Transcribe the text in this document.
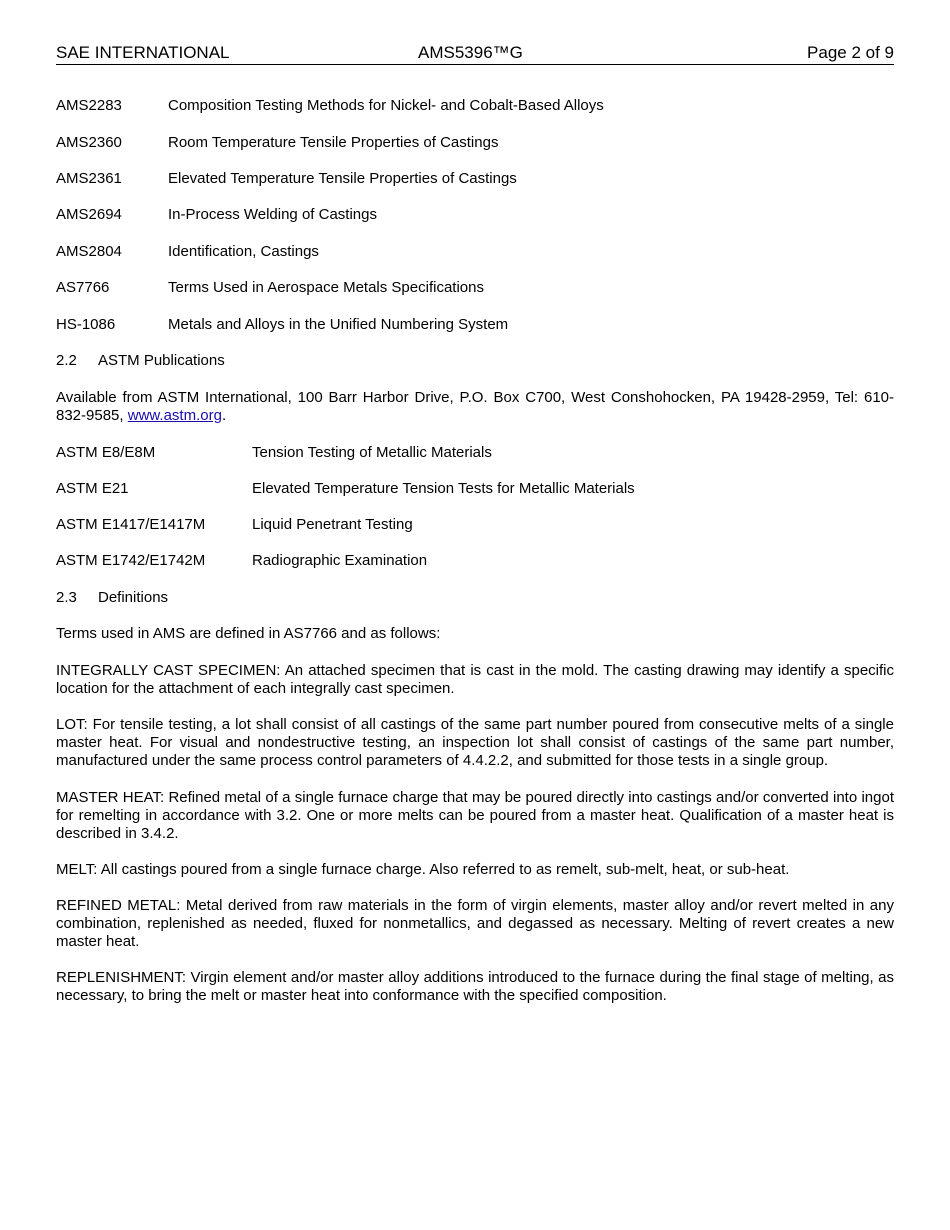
SAE INTERNATIONAL	AMS5396™G	Page 2 of 9
AMS2283	Composition Testing Methods for Nickel- and Cobalt-Based Alloys
AMS2360	Room Temperature Tensile Properties of Castings
AMS2361	Elevated Temperature Tensile Properties of Castings
AMS2694	In-Process Welding of Castings
AMS2804	Identification, Castings
AS7766	Terms Used in Aerospace Metals Specifications
HS-1086	Metals and Alloys in the Unified Numbering System
2.2 ASTM Publications
Available from ASTM International, 100 Barr Harbor Drive, P.O. Box C700, West Conshohocken, PA 19428-2959, Tel: 610-832-9585, www.astm.org.
ASTM E8/E8M	Tension Testing of Metallic Materials
ASTM E21	Elevated Temperature Tension Tests for Metallic Materials
ASTM E1417/E1417M	Liquid Penetrant Testing
ASTM E1742/E1742M	Radiographic Examination
2.3 Definitions
Terms used in AMS are defined in AS7766 and as follows:
INTEGRALLY CAST SPECIMEN: An attached specimen that is cast in the mold. The casting drawing may identify a specific location for the attachment of each integrally cast specimen.
LOT: For tensile testing, a lot shall consist of all castings of the same part number poured from consecutive melts of a single master heat. For visual and nondestructive testing, an inspection lot shall consist of castings of the same part number, manufactured under the same process control parameters of 4.4.2.2, and submitted for those tests in a single group.
MASTER HEAT: Refined metal of a single furnace charge that may be poured directly into castings and/or converted into ingot for remelting in accordance with 3.2. One or more melts can be poured from a master heat. Qualification of a master heat is described in 3.4.2.
MELT: All castings poured from a single furnace charge. Also referred to as remelt, sub-melt, heat, or sub-heat.
REFINED METAL: Metal derived from raw materials in the form of virgin elements, master alloy and/or revert melted in any combination, replenished as needed, fluxed for nonmetallics, and degassed as necessary. Melting of revert creates a new master heat.
REPLENISHMENT: Virgin element and/or master alloy additions introduced to the furnace during the final stage of melting, as necessary, to bring the melt or master heat into conformance with the specified composition.
